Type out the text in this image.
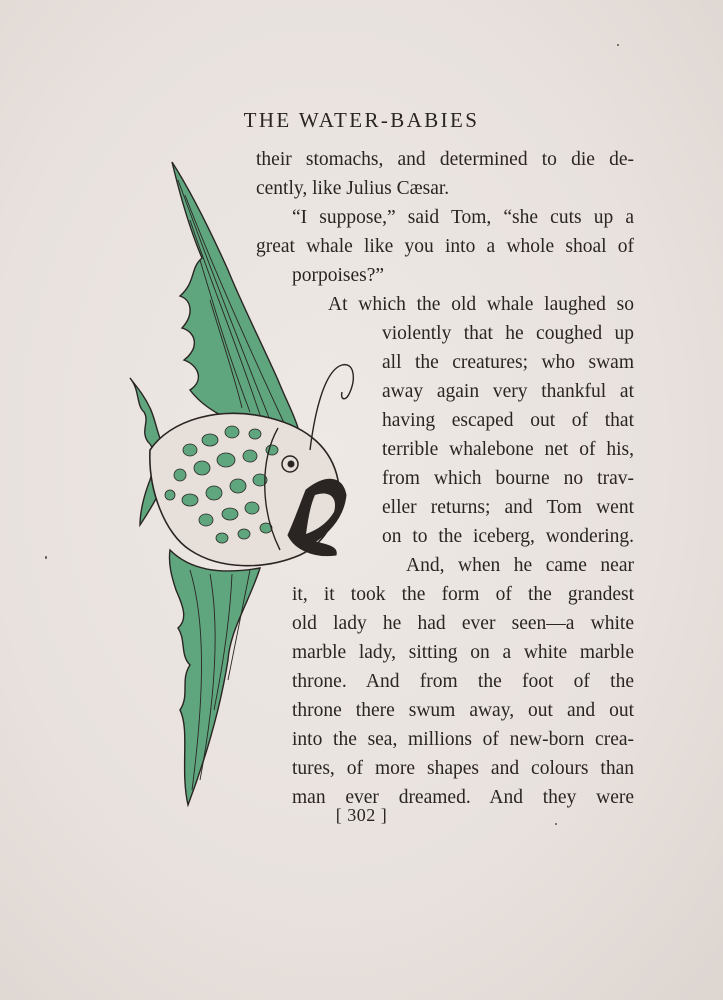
THE WATER-BABIES
their stomachs, and determined to die de-
cently, like Julius Cæsar.
“I suppose,” said Tom, “she cuts up a
great whale like you into a whole shoal of
porpoises?”
At which the old whale laughed so
violently that he coughed up
all the creatures; who swam
away again very thankful at
having escaped out of that
terrible whalebone net of his,
from which bourne no trav-
eller returns; and Tom went
on to the iceberg, wondering.
And, when he came near
it, it took the form of the grandest
old lady he had ever seen—a white
marble lady, sitting on a white marble
throne. And from the foot of the
throne there swum away, out and out
into the sea, millions of new-born crea-
tures, of more shapes and colours than
man ever dreamed. And they were
[ 302 ]
